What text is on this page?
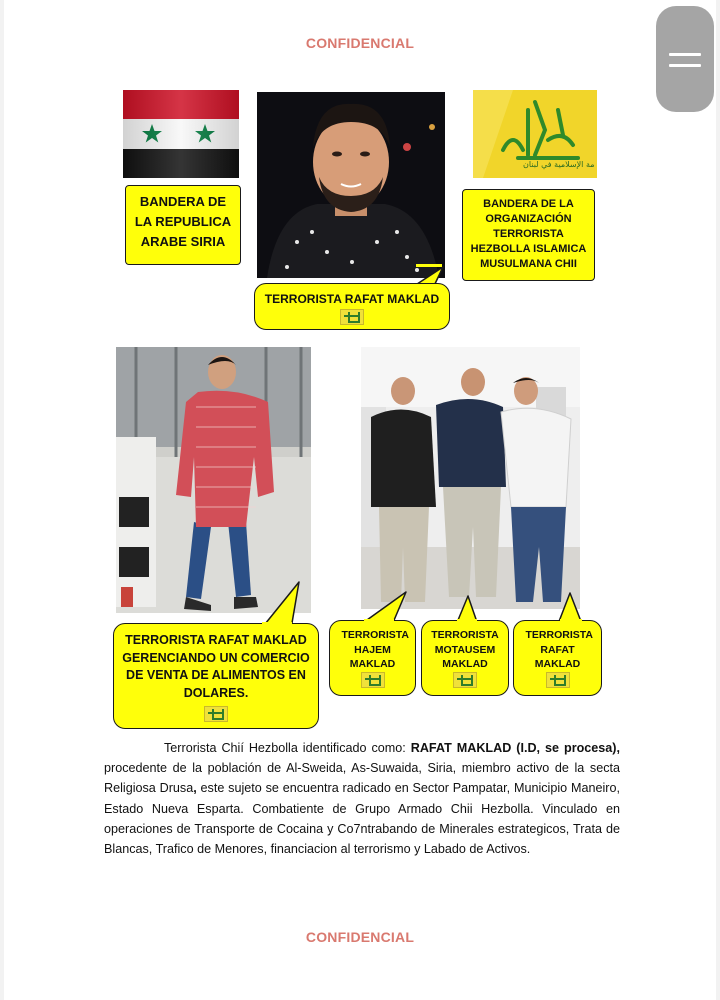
CONFIDENCIAL
BANDERA DE LA REPUBLICA ARABE SIRIA
TERRORISTA RAFAT MAKLAD
مة الإسلامية في لبنان
BANDERA DE LA ORGANIZACIÓN TERRORISTA HEZBOLLA ISLAMICA MUSULMANA CHII
TERRORISTA RAFAT MAKLAD GERENCIANDO UN COMERCIO DE VENTA DE ALIMENTOS EN DOLARES.
TERRORISTA HAJEM MAKLAD
TERRORISTA MOTAUSEM MAKLAD
TERRORISTA RAFAT MAKLAD
Terrorista Chií Hezbolla identificado como: RAFAT MAKLAD (I.D, se procesa), procedente de la población de Al-Sweida, As-Suwaida, Siria, miembro activo de la secta Religiosa Drusa, este sujeto se encuentra radicado en Sector Pampatar, Municipio Maneiro, Estado Nueva Esparta. Combatiente de Grupo Armado Chii Hezbolla. Vinculado en operaciones de Transporte de Cocaina y Co7ntrabando de Minerales estrategicos, Trata de Blancas, Trafico de Menores, financiacion al terrorismo y Labado de Activos.
CONFIDENCIAL
